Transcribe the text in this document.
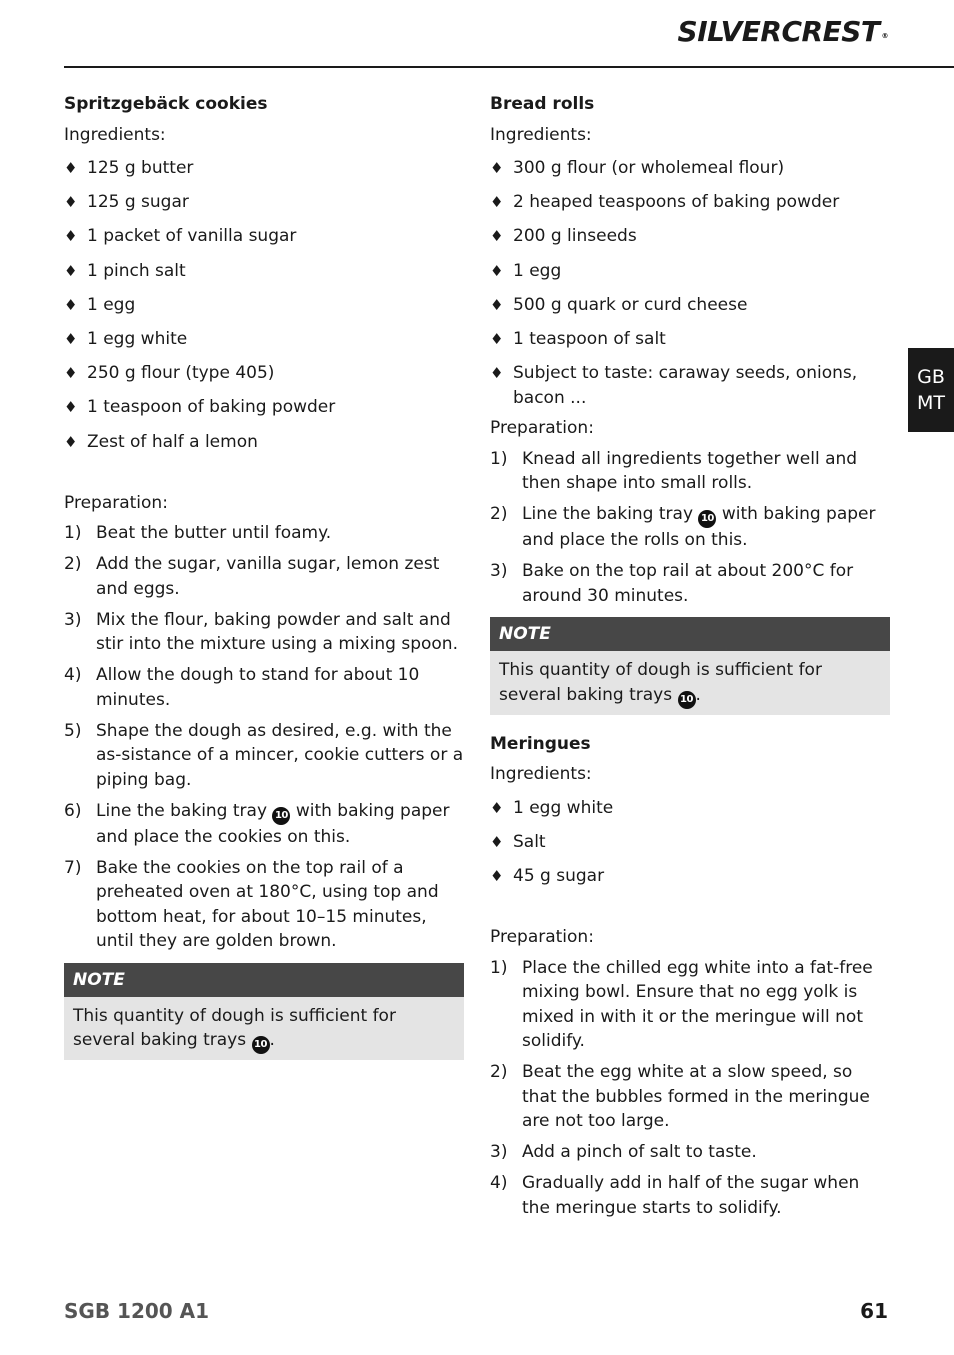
SILVERCREST ®
GB
MT
Spritzgebäck cookies

Ingredients:

♦ 125 g butter
♦ 125 g sugar
♦ 1 packet of vanilla sugar
♦ 1 pinch salt
♦ 1 egg
♦ 1 egg white
♦ 250 g flour (type 405)
♦ 1 teaspoon of baking powder
♦ Zest of half a lemon

Preparation:

1) Beat the butter until foamy.
2) Add the sugar, vanilla sugar, lemon zest and eggs.
3) Mix the flour, baking powder and salt and stir into the mixture using a mixing spoon.
4) Allow the dough to stand for about 10 minutes.
5) Shape the dough as desired, e.g. with the as-sistance of a mincer, cookie cutters or a piping bag.
6) Line the baking tray 10 with baking paper and place the cookies on this.
7) Bake the cookies on the top rail of a preheated oven at 180°C, using top and bottom heat, for about 10–15 minutes, until they are golden brown.
NOTE
This quantity of dough is sufficient for several baking trays 10 .
Bread rolls

Ingredients:

♦ 300 g flour (or wholemeal flour)
♦ 2 heaped teaspoons of baking powder
♦ 200 g linseeds
♦ 1 egg
♦ 500 g quark or curd cheese
♦ 1 teaspoon of salt
♦ Subject to taste: caraway seeds, onions, bacon ...

Preparation:

1) Knead all ingredients together well and then shape into small rolls.
2) Line the baking tray 10 with baking paper and place the rolls on this.
3) Bake on the top rail at about 200°C for around 30 minutes.
NOTE
This quantity of dough is sufficient for several baking trays 10 .
Meringues

Ingredients:

♦ 1 egg white
♦ Salt
♦ 45 g sugar

Preparation:

1) Place the chilled egg white into a fat-free mixing bowl. Ensure that no egg yolk is mixed in with it or the meringue will not solidify.
2) Beat the egg white at a slow speed, so that the bubbles formed in the meringue are not too large.
3) Add a pinch of salt to taste.
4) Gradually add in half of the sugar when the meringue starts to solidify.
SGB 1200 A1	61
